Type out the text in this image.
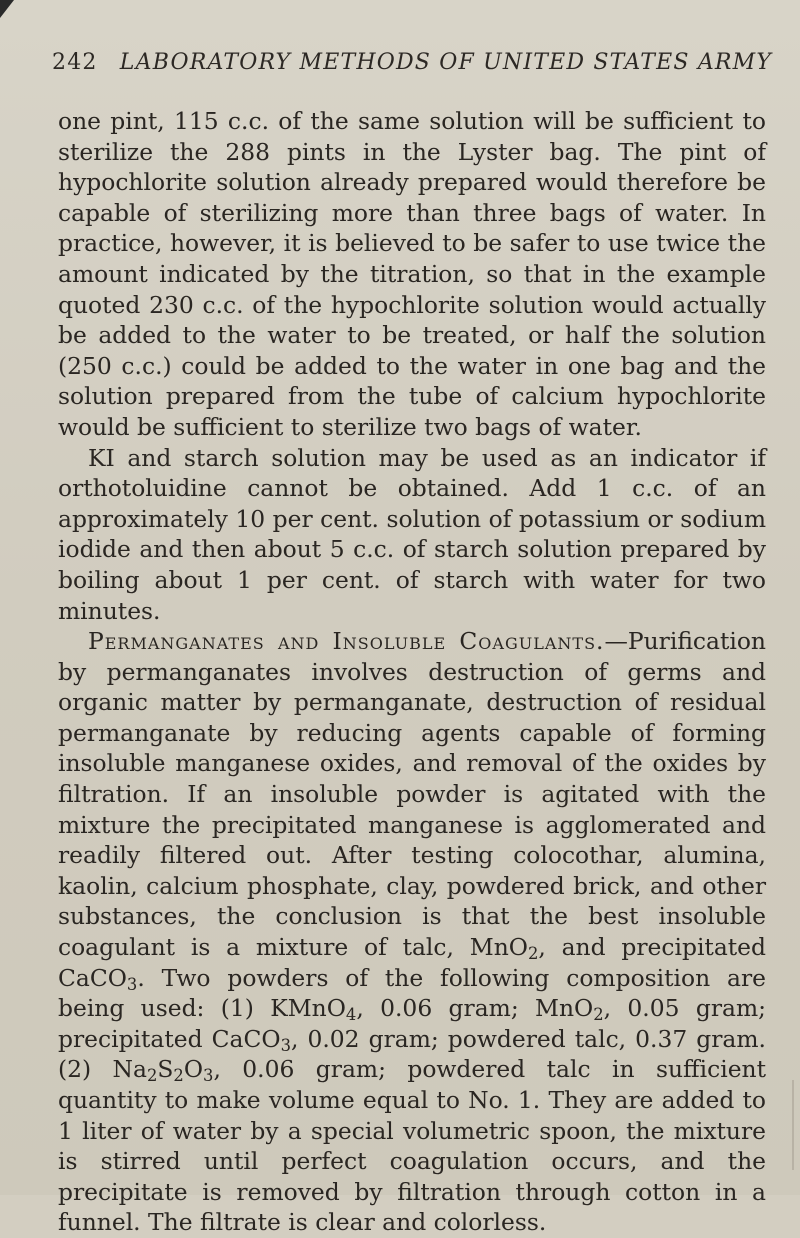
242 LABORATORY METHODS OF UNITED STATES ARMY

one pint, 115 c.c. of the same solution will be sufficient to sterilize the 288 pints in the Lyster bag. The pint of hypochlorite solution already prepared would therefore be capable of sterilizing more than three bags of water. In practice, however, it is believed to be safer to use twice the amount indicated by the titration, so that in the example quoted 230 c.c. of the hypochlorite solution would actually be added to the water to be treated, or half the solution (250 c.c.) could be added to the water in one bag and the solution prepared from the tube of calcium hypochlorite would be sufficient to sterilize two bags of water.

KI and starch solution may be used as an indicator if orthotoluidine cannot be obtained. Add 1 c.c. of an approximately 10 per cent. solution of potassium or sodium iodide and then about 5 c.c. of starch solution prepared by boiling about 1 per cent. of starch with water for two minutes.

Permanganates and Insoluble Coagulants.—Purification by permanganates involves destruction of germs and organic matter by permanganate, destruction of residual permanganate by reducing agents capable of forming insoluble manganese oxides, and removal of the oxides by filtration. If an insoluble powder is agitated with the mixture the precipitated manganese is agglomerated and readily filtered out. After testing colocothar, alumina, kaolin, calcium phosphate, clay, powdered brick, and other substances, the conclusion is that the best insoluble coagulant is a mixture of talc, MnO$_2$, and precipitated CaCO$_3$. Two powders of the following composition are being used: (1) KMnO$_4$, 0.06 gram; MnO$_2$, 0.05 gram; precipitated CaCO$_3$, 0.02 gram; powdered talc, 0.37 gram. (2) $Na_2S_2O_3$, 0.06 gram; powdered talc in sufficient quantity to make volume equal to No. 1. They are added to 1 liter of water by a special volumetric spoon, the mixture is stirred until perfect coagulation occurs, and the precipitate is removed by filtration through cotton in a funnel. The filtrate is clear and colorless.
